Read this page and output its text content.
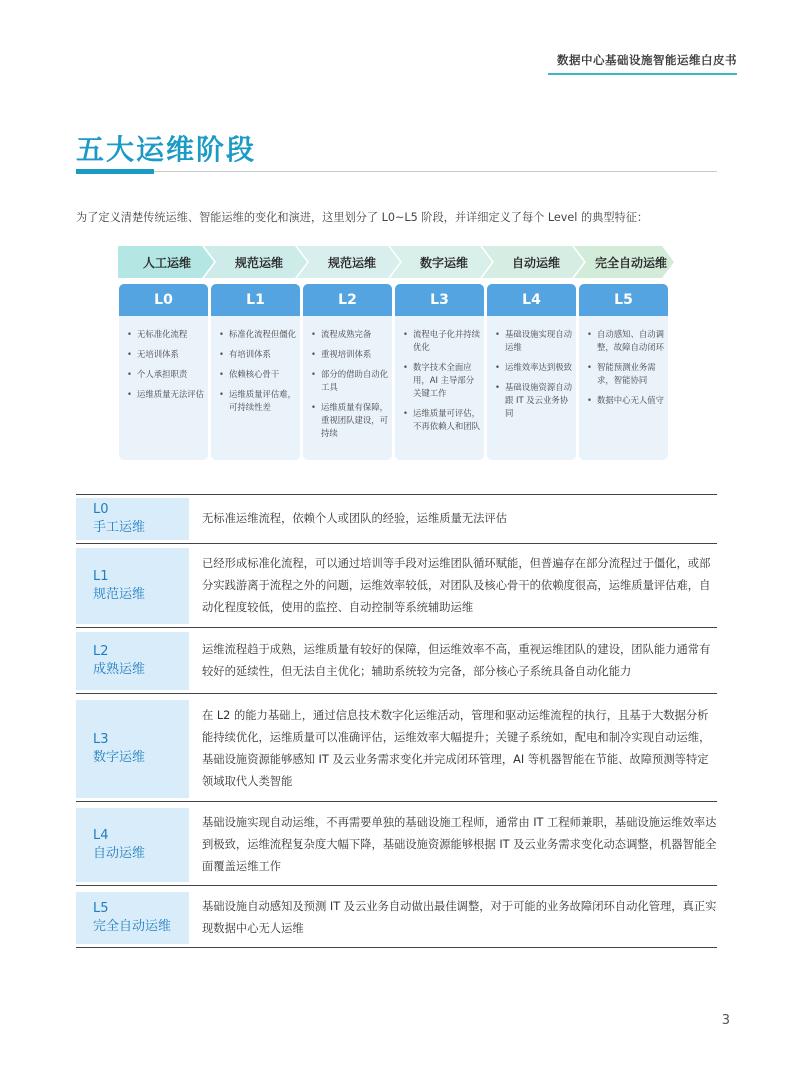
数据中心基础设施智能运维白皮书
五大运维阶段
为了定义清楚传统运维、智能运维的变化和演进，这里划分了 L0~L5 阶段，并详细定义了每个 Level 的典型特征：
人工运维	规范运维	规范运维	数字运维	自动运维	完全自动运维
L0
• 无标准化流程
• 无培训体系
• 个人承担职责
• 运维质量无法评估
L1
• 标准化流程但僵化
• 有培训体系
• 依赖核心骨干
• 运维质量评估难，可持续性差
L2
• 流程成熟完备
• 重视培训体系
• 部分的借助自动化工具
• 运维质量有保障，重视团队建设，可持续
L3
• 流程电子化并持续优化
• 数字技术全面应用，AI 主导部分关键工作
• 运维质量可评估，不再依赖人和团队
L4
• 基础设施实现自动运维
• 运维效率达到极致
• 基础设施资源自动跟 IT 及云业务协同
L5
• 自动感知、自动调整，故障自动闭环
• 智能预测业务需求，智能协同
• 数据中心无人值守
L0
手工运维
无标准运维流程，依赖个人或团队的经验，运维质量无法评估
L1
规范运维
已经形成标准化流程，可以通过培训等手段对运维团队循环赋能，但普遍存在部分流程过于僵化，或部分实践游离于流程之外的问题，运维效率较低，对团队及核心骨干的依赖度很高，运维质量评估难，自动化程度较低，使用的监控、自动控制等系统辅助运维
L2
成熟运维
运维流程趋于成熟，运维质量有较好的保障，但运维效率不高，重视运维团队的建设，团队能力通常有较好的延续性，但无法自主优化；辅助系统较为完备，部分核心子系统具备自动化能力
L3
数字运维
在 L2 的能力基础上，通过信息技术数字化运维活动，管理和驱动运维流程的执行，且基于大数据分析能持续优化，运维质量可以准确评估，运维效率大幅提升；关键子系统如，配电和制冷实现自动运维，基础设施资源能够感知 IT 及云业务需求变化并完成闭环管理，AI 等机器智能在节能、故障预测等特定领域取代人类智能
L4
自动运维
基础设施实现自动运维，不再需要单独的基础设施工程师，通常由 IT 工程师兼职，基础设施运维效率达到极致，运维流程复杂度大幅下降，基础设施资源能够根据 IT 及云业务需求变化动态调整，机器智能全面覆盖运维工作
L5
完全自动运维
基础设施自动感知及预测 IT 及云业务自动做出最佳调整，对于可能的业务故障闭环自动化管理，真正实现数据中心无人运维
3
